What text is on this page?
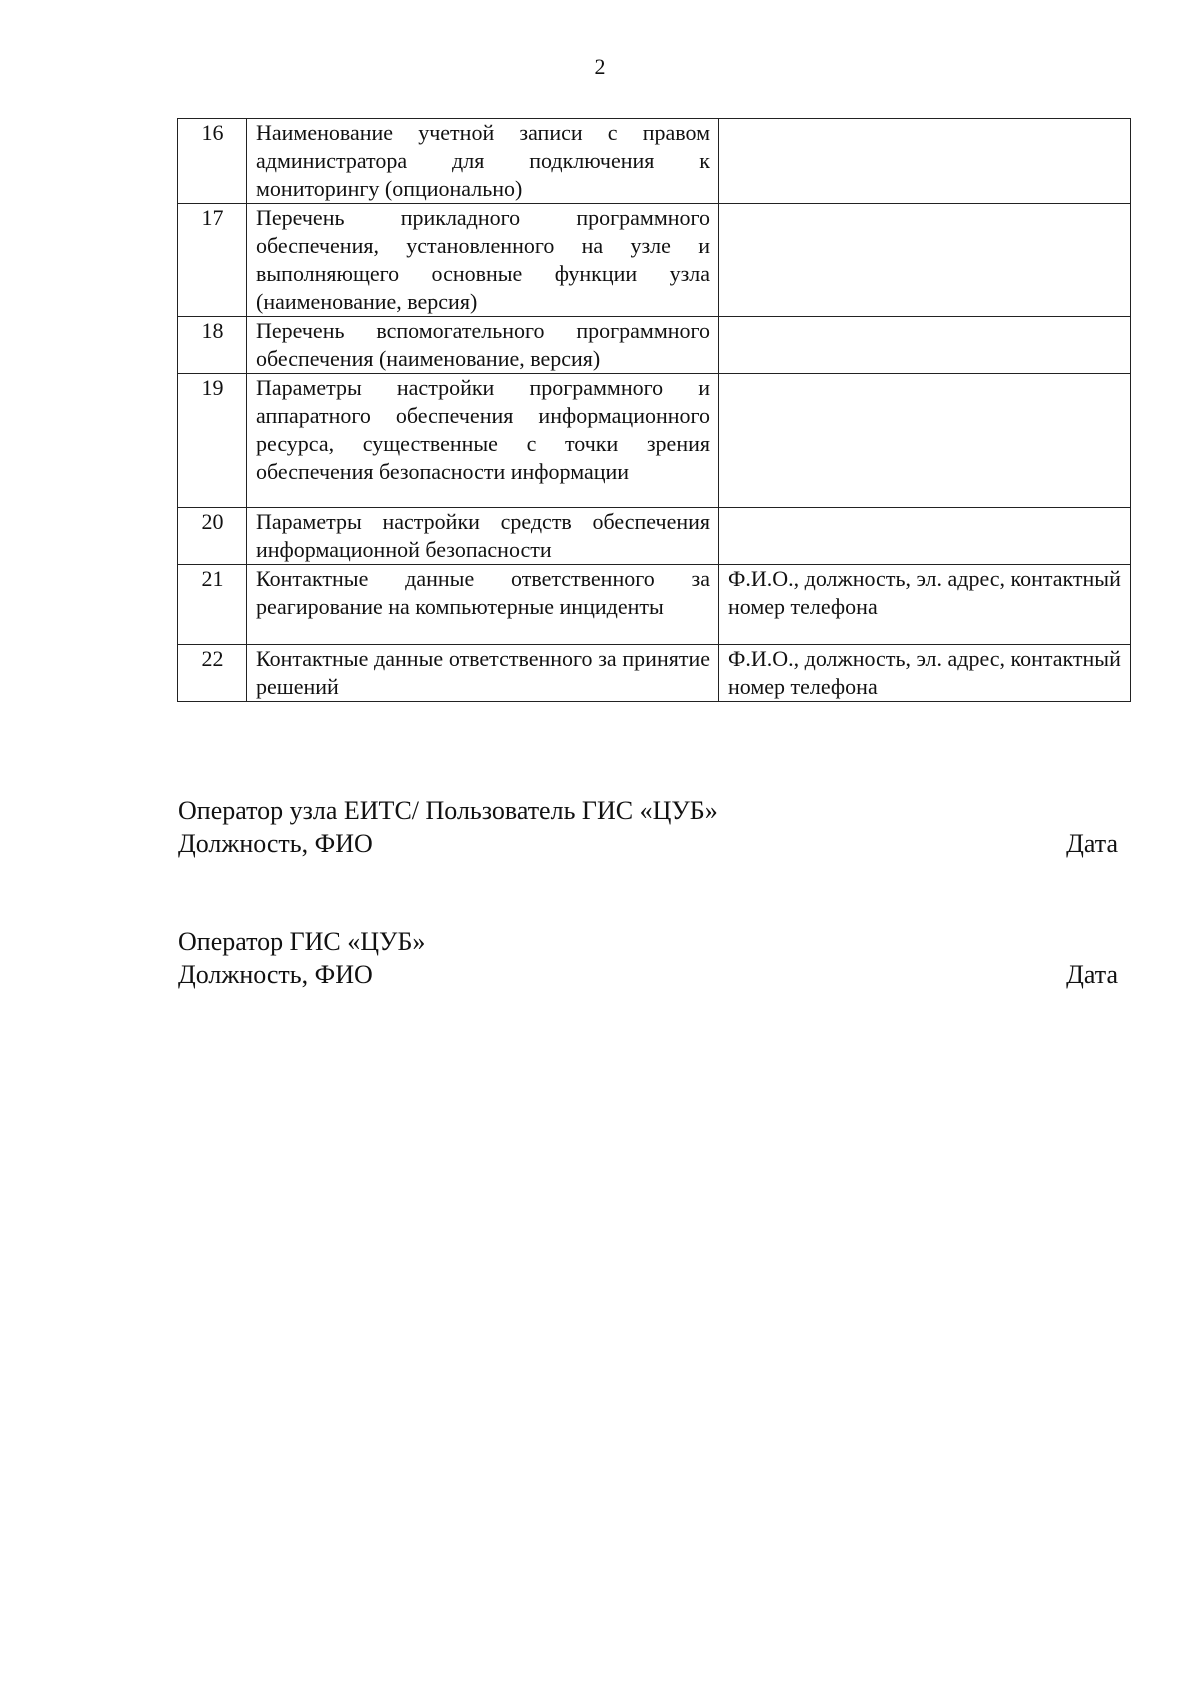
2
16	Наименование учетной записи с правом администратора для подключения к мониторингу (опционально)	
17	Перечень прикладного программного обеспечения, установленного на узле и выполняющего основные функции узла (наименование, версия)	
18	Перечень вспомогательного программного обеспечения (наименование, версия)	
19	Параметры настройки программного и аппаратного обеспечения информационного ресурса, существенные с точки зрения обеспечения безопасности информации	
20	Параметры настройки средств обеспечения информационной безопасности	
21	Контактные данные ответственного за реагирование на компьютерные инциденты	Ф.И.О., должность, эл. адрес, контактный номер телефона
22	Контактные данные ответственного за принятие решений	Ф.И.О., должность, эл. адрес, контактный номер телефона
Оператор узла ЕИТС/ Пользователь ГИС «ЦУБ»
Должность, ФИО	Дата
Оператор ГИС «ЦУБ»
Должность, ФИО	Дата
